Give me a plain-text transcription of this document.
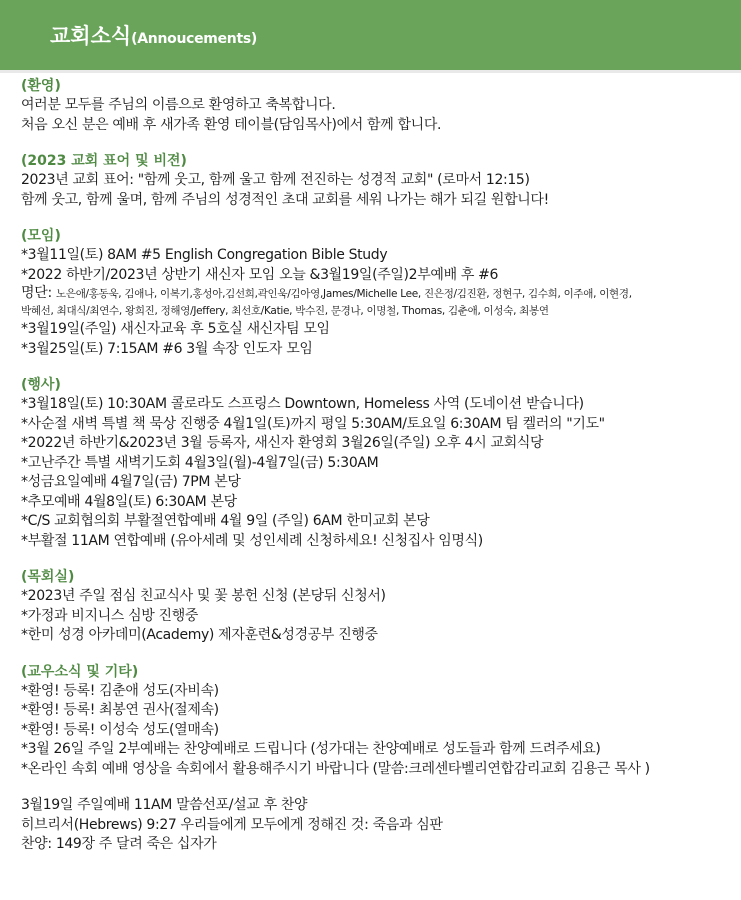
교회소식(Annoucements)
(환영)
여러분 모두를 주님의 이름으로 환영하고 축복합니다.
처음 오신 분은 예배 후 새가족 환영 테이블(담임목사)에서 함께 합니다.
(2023 교회 표어 및 비젼)
2023년 교회 표어: "함께 웃고, 함께 울고 함께 전진하는 성경적 교회" (로마서 12:15)
함께 웃고, 함께 울며, 함께 주님의 성경적인 초대 교회를 세워 나가는 해가 되길 원합니다!
(모임)
*3월11일(토) 8AM #5 English Congregation Bible Study
*2022 하반기/2023년 상반기 새신자 모임 오늘 &3월19일(주일)2부예배 후 #6
명단: 노은애/홍동욱, 김애나, 이복기,홍성아,김선희,곽인욱/김아영,James/Michelle Lee, 진은정/김진환, 정현구, 김수희, 이주애, 이현경,
박혜선, 최대식/최연수, 왕희진, 정해영/Jeffery, 최선호/Katie, 박수진, 문경나, 이명철, Thomas, 김춘애, 이성숙, 최봉연
*3월19일(주일) 새신자교육 후 5호실 새신자팀 모임
*3월25일(토) 7:15AM #6 3월 속장 인도자 모임
(행사)
*3월18일(토) 10:30AM 콜로라도 스프링스 Downtown, Homeless 사역 (도네이션 받습니다)
*사순절 새벽 특별 책 묵상 진행중 4월1일(토)까지 평일 5:30AM/토요일 6:30AM 팀 켈러의 "기도"
*2022년 하반기&2023년 3월 등록자, 새신자 환영회 3월26일(주일) 오후 4시 교회식당
*고난주간 특별 새벽기도회 4월3일(월)-4월7일(금) 5:30AM
*성금요일예배 4월7일(금) 7PM 본당
*추모예배 4월8일(토) 6:30AM 본당
*C/S 교회협의회 부활절연합예배 4월 9일 (주일) 6AM 한미교회 본당
*부활절 11AM 연합예배 (유아세례 및 성인세례 신청하세요! 신청집사 임명식)
(목회실)
*2023년 주일 점심 친교식사 및 꽃 봉헌 신청 (본당뒤 신청서)
*가정과 비지니스 심방 진행중
*한미 성경 아카데미(Academy) 제자훈련&성경공부 진행중
(교우소식 및 기타)
*환영! 등록! 김춘애 성도(자비속)
*환영! 등록! 최봉연 권사(절제속)
*환영! 등록! 이성숙 성도(열매속)
*3월 26일 주일 2부예배는 찬양예배로 드립니다 (성가대는 찬양예배로 성도들과 함께 드려주세요)
*온라인 속회 예배 영상을 속회에서 활용해주시기 바랍니다 (말씀:크레센타벨리연합감리교회 김용근 목사 )
3월19일 주일예배 11AM 말씀선포/설교 후 찬양
히브리서(Hebrews) 9:27 우리들에게 모두에게 정해진 것: 죽음과 심판
찬양: 149장 주 달려 죽은 십자가
